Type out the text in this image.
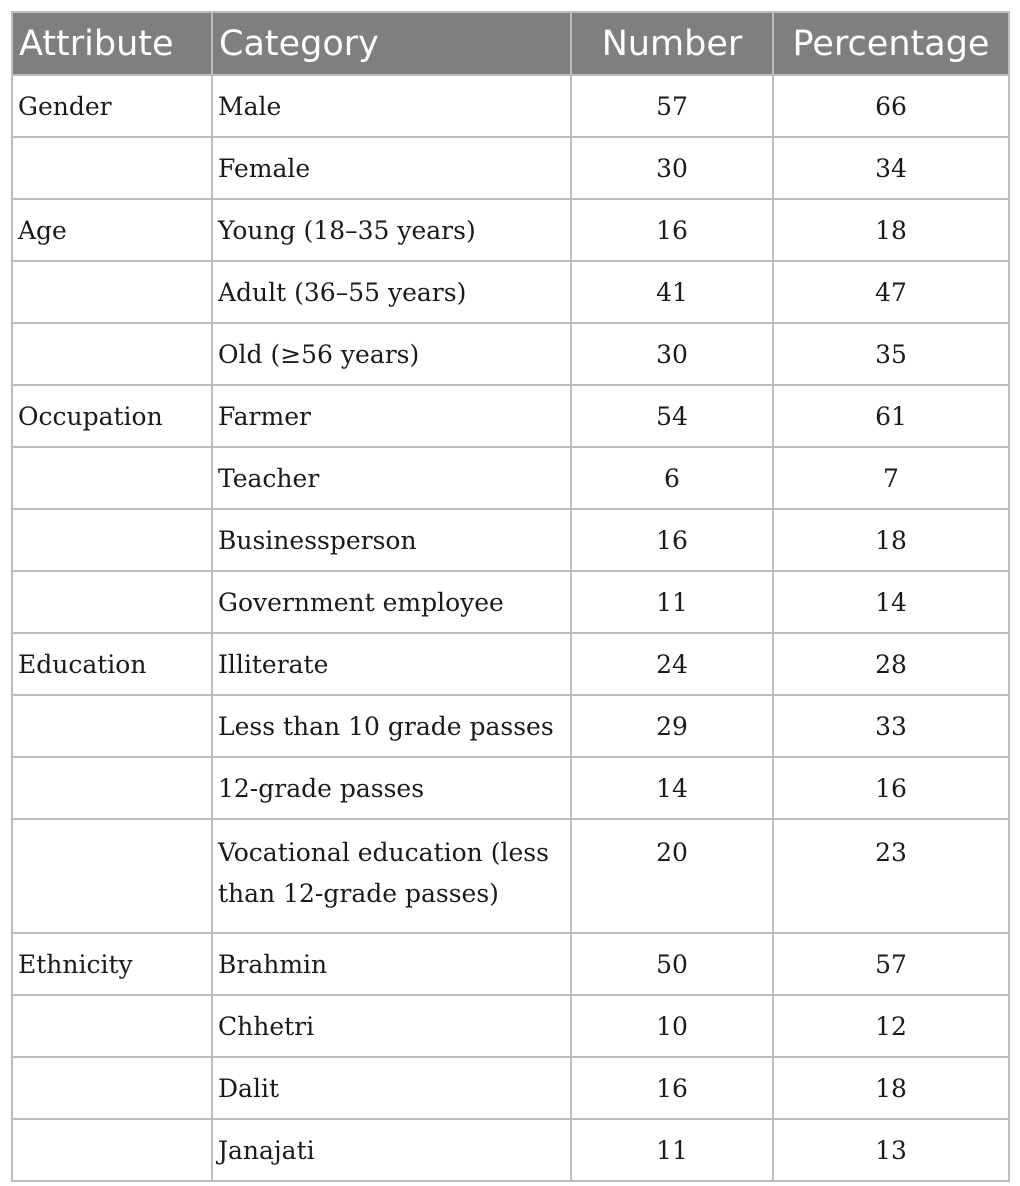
Attribute	Category	Number	Percentage
Gender	Male	57	66
	Female	30	34
Age	Young (18–35 years)	16	18
	Adult (36–55 years)	41	47
	Old (≥56 years)	30	35
Occupation	Farmer	54	61
	Teacher	6	7
	Businessperson	16	18
	Government employee	11	14
Education	Illiterate	24	28
	Less than 10 grade passes	29	33
	12-grade passes	14	16
	Vocational education (less than 12-grade passes)	20	23
Ethnicity	Brahmin	50	57
	Chhetri	10	12
	Dalit	16	18
	Janajati	11	13
